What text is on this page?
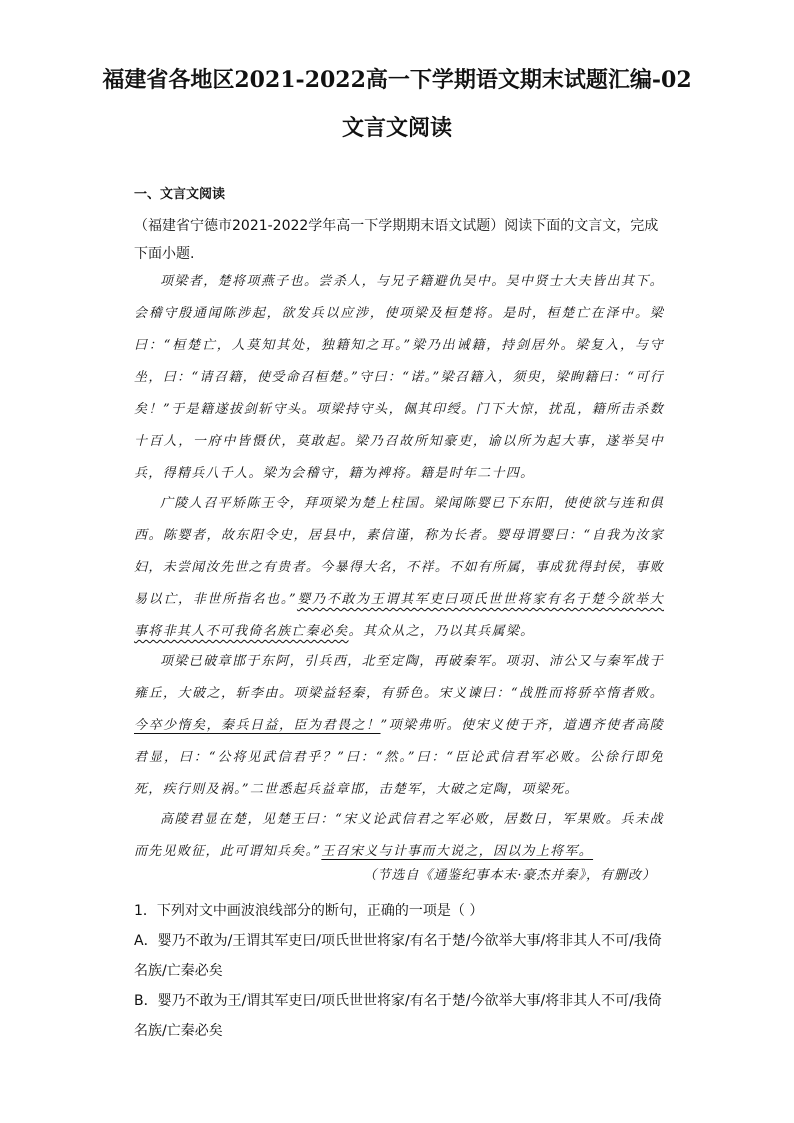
福建省各地区2021-2022高一下学期语文期末试题汇编-02
文言文阅读
一、文言文阅读
（福建省宁德市2021-2022学年高一下学期期末语文试题）阅读下面的文言文，完成下面小题.

项梁者，楚将项燕子也。尝杀人，与兄子籍避仇吴中。吴中贤士大夫皆出其下。会稽守殷通闻陈涉起，欲发兵以应涉，使项梁及桓楚将。是时，桓楚亡在泽中。梁曰：“桓楚亡，人莫知其处，独籍知之耳。”梁乃出诫籍，持剑居外。梁复入，与守坐，曰：“请召籍，使受命召桓楚。”守曰：“诺。”梁召籍入，须臾，梁眴籍曰：“可行矣！”于是籍遂拔剑斩守头。项梁持守头，佩其印绶。门下大惊，扰乱，籍所击杀数十百人，一府中皆慑伏，莫敢起。梁乃召故所知豪吏，谕以所为起大事，遂举吴中兵，得精兵八千人。梁为会稽守，籍为裨将。籍是时年二十四。

广陵人召平矫陈王令，拜项梁为楚上柱国。梁闻陈婴已下东阳，使使欲与连和俱西。陈婴者，故东阳令史，居县中，素信谨，称为长者。婴母谓婴曰：“自我为汝家妇，未尝闻汝先世之有贵者。今暴得大名，不祥。不如有所属，事成犹得封侯，事败易以亡，非世所指名也。”婴乃不敢为王谓其军吏曰项氏世世将家有名于楚今欲举大事将非其人不可我倚名族亡秦必矣。其众从之，乃以其兵属梁。

项梁已破章邯于东阿，引兵西，北至定陶，再破秦军。项羽、沛公又与秦军战于雍丘，大破之，斩李由。项梁益轻秦，有骄色。宋义谏曰：“战胜而将骄卒惰者败。今卒少惰矣，秦兵日益，臣为君畏之！”项梁弗听。使宋义使于齐，道遇齐使者高陵君显，曰：“公将见武信君乎？”曰：“然。”曰：“臣论武信君军必败。公徐行即免死，疾行则及祸。”二世悉起兵益章邯，击楚军，大破之定陶，项梁死。

高陵君显在楚，见楚王曰：“宋义论武信君之军必败，居数日，军果败。兵未战而先见败征，此可谓知兵矣。”王召宋义与计事而大说之，因以为上将军。

（节选自《通鉴纪事本末·豪杰并秦》，有删改）
1．下列对文中画波浪线部分的断句，正确的一项是（ ）
A．婴乃不敢为/王谓其军吏曰/项氏世世将家/有名于楚/今欲举大事/将非其人不可/我倚名族/亡秦必矣
B．婴乃不敢为王/谓其军吏曰/项氏世世将家/有名于楚/今欲举大事/将非其人不可/我倚名族/亡秦必矣
